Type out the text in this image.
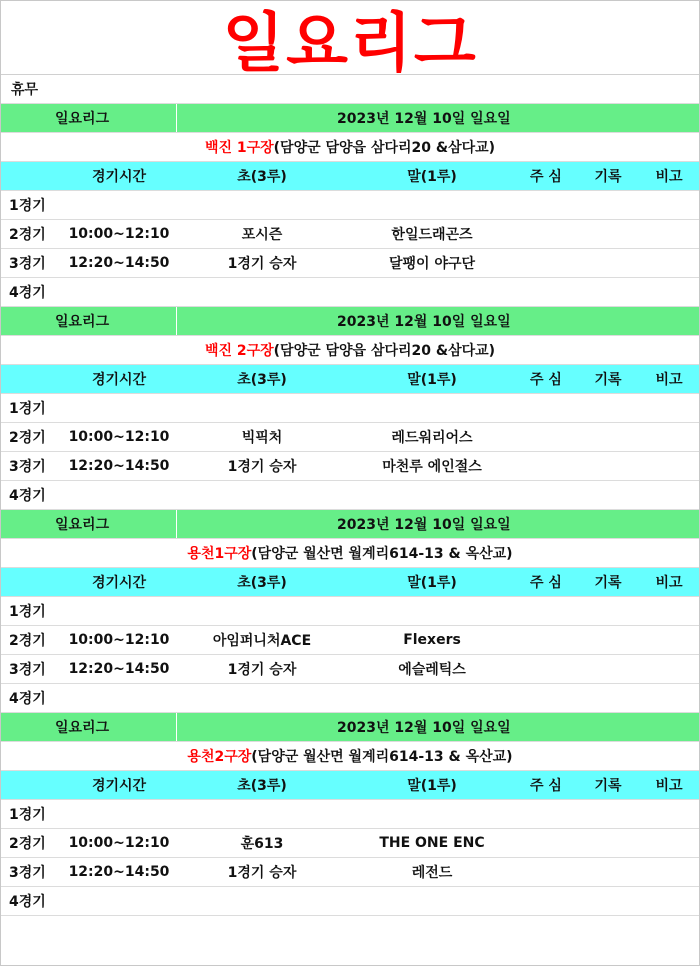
일요리그
휴무
일요리그	2023년 12월 10일 일요일
백진 1구장 (담양군 담양읍 삼다리20 &삼다교)
경기시간	초(3루)	말(1루)	주 심	기록	비고
1경기
2경기	10:00~12:10	포시즌	한일드래곤즈
3경기	12:20~14:50	1경기 승자	달팽이 야구단
4경기
일요리그	2023년 12월 10일 일요일
백진 2구장 (담양군 담양읍 삼다리20 &삼다교)
경기시간	초(3루)	말(1루)	주 심	기록	비고
1경기
2경기	10:00~12:10	빅픽처	레드워리어스
3경기	12:20~14:50	1경기 승자	마천루 에인절스
4경기
일요리그	2023년 12월 10일 일요일
용천1구장 (담양군 월산면 월계리614-13 & 옥산교)
경기시간	초(3루)	말(1루)	주 심	기록	비고
1경기
2경기	10:00~12:10	아임퍼니처ACE	Flexers
3경기	12:20~14:50	1경기 승자	에슬레틱스
4경기
일요리그	2023년 12월 10일 일요일
용천2구장 (담양군 월산면 월계리614-13 & 옥산교)
경기시간	초(3루)	말(1루)	주 심	기록	비고
1경기
2경기	10:00~12:10	훈613	THE ONE ENC
3경기	12:20~14:50	1경기 승자	레전드
4경기
